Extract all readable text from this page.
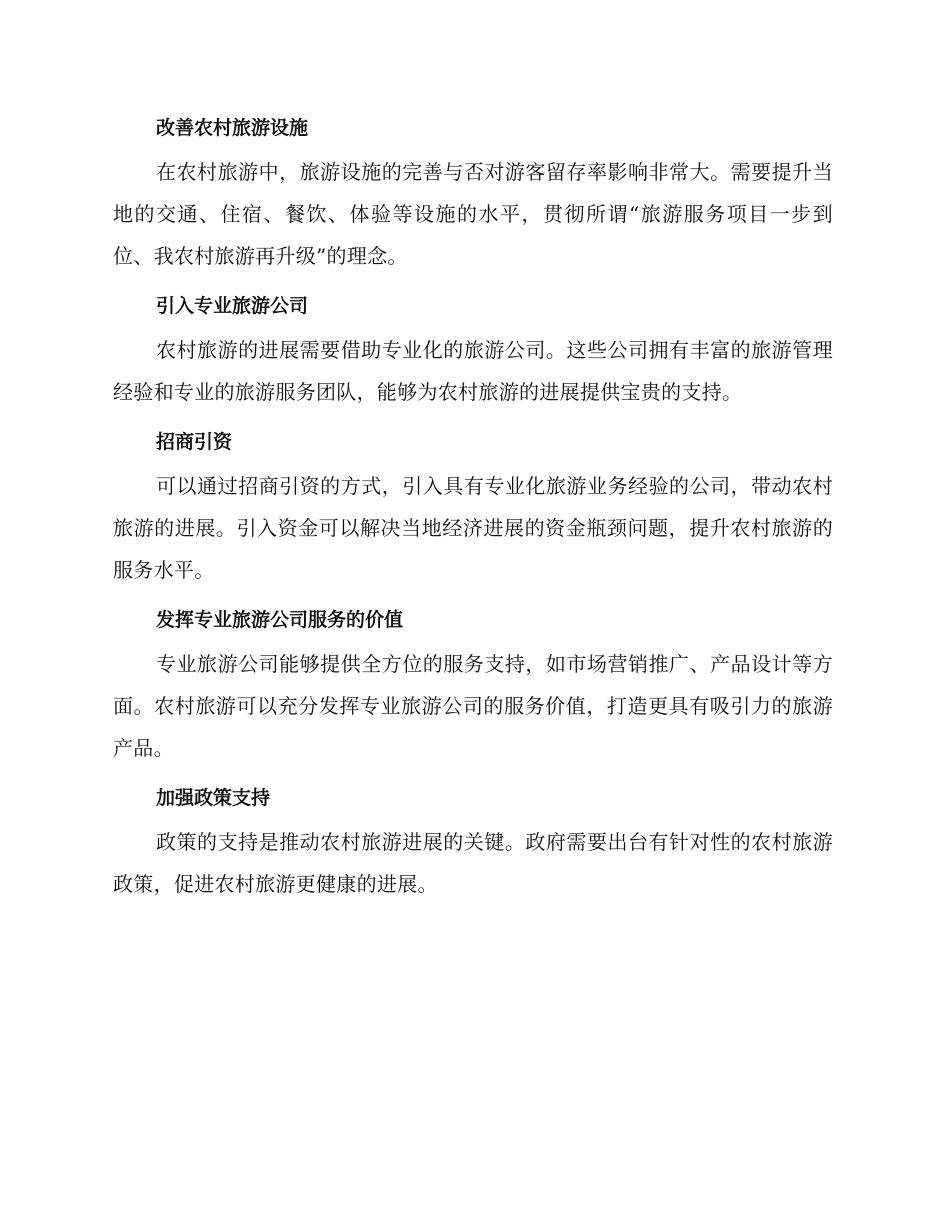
改善农村旅游设施

在农村旅游中，旅游设施的完善与否对游客留存率影响非常大。需要提升当地的交通、住宿、餐饮、体验等设施的水平，贯彻所谓“旅游服务项目一步到位、我农村旅游再升级”的理念。

引入专业旅游公司

农村旅游的进展需要借助专业化的旅游公司。这些公司拥有丰富的旅游管理经验和专业的旅游服务团队，能够为农村旅游的进展提供宝贵的支持。

招商引资

可以通过招商引资的方式，引入具有专业化旅游业务经验的公司，带动农村旅游的进展。引入资金可以解决当地经济进展的资金瓶颈问题，提升农村旅游的服务水平。

发挥专业旅游公司服务的价值

专业旅游公司能够提供全方位的服务支持，如市场营销推广、产品设计等方面。农村旅游可以充分发挥专业旅游公司的服务价值，打造更具有吸引力的旅游产品。

加强政策支持

政策的支持是推动农村旅游进展的关键。政府需要出台有针对性的农村旅游政策，促进农村旅游更健康的进展。
